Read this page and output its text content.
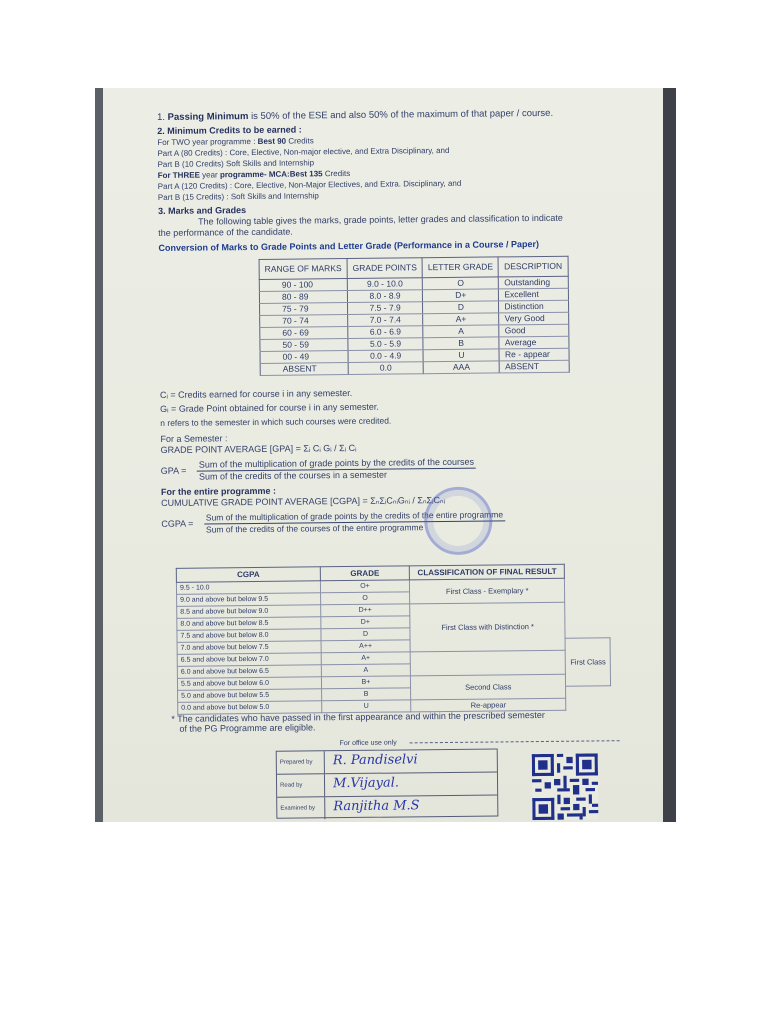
1. Passing Minimum is 50% of the ESE and also 50% of the maximum of that paper / course.
2. Minimum Credits to be earned :
For TWO year programme : Best 90 Credits
Part A (80 Credits) : Core, Elective, Non-major elective, and Extra Disciplinary, and
Part B (10 Credits) Soft Skills and Internship
For THREE year programme- MCA:Best 135 Credits
Part A (120 Credits) : Core, Elective, Non-Major Electives, and Extra. Disciplinary, and
Part B (15 Credits) : Soft Skills and Internship
3. Marks and Grades
The following table gives the marks, grade points, letter grades and classification to indicate
the performance of the candidate.
Conversion of Marks to Grade Points and Letter Grade (Performance in a Course / Paper)
RANGE OF MARKS	GRADE POINTS	LETTER GRADE	DESCRIPTION
90 - 100	9.0 - 10.0	O	Outstanding
80 - 89	8.0 - 8.9	D+	Excellent
75 - 79	7.5 - 7.9	D	Distinction
70 - 74	7.0 - 7.4	A+	Very Good
60 - 69	6.0 - 6.9	A	Good
50 - 59	5.0 - 5.9	B	Average
00 - 49	0.0 - 4.9	U	Re - appear
ABSENT	0.0	AAA	ABSENT
Cᵢ = Credits earned for course i in any semester.
Gᵢ = Grade Point obtained for course i in any semester.
n refers to the semester in which such courses were credited.
For a Semester :
GRADE POINT AVERAGE [GPA] = Σᵢ Cᵢ Gᵢ / Σᵢ Cᵢ
GPA =
Sum of the multiplication of grade points by the credits of the courses
Sum of the credits of the courses in a semester
For the entire programme :
CUMULATIVE GRADE POINT AVERAGE [CGPA] = ΣₙΣᵢCₙᵢGₙᵢ / ΣₙΣᵢCₙᵢ
CGPA =
Sum of the multiplication of grade points by the credits of the entire programme
Sum of the credits of the courses of the entire programme
CGPA	GRADE	CLASSIFICATION OF FINAL RESULT	
9.5 - 10.0	O+	First Class - Exemplary *	
9.0 and above but below 9.5	O		
8.5 and above but below 9.0	D++	First Class with Distinction *	
8.0 and above but below 8.5	D+		
7.5 and above but below 8.0	D		
7.0 and above but below 7.5	A++		First Class
6.5 and above but below 7.0	A+		
6.0 and above but below 6.5	A		
5.5 and above but below 6.0	B+	Second Class	
5.0 and above but below 5.5	B		
0.0 and above but below 5.0	U	Re-appear	
* The candidates who have passed in the first appearance and within the prescribed semester
of the PG Programme are eligible.
For office use only
Prepared by	R. Pandiselvi
Read by	M.Vijayal.
Examined by	Ranjitha M.S
